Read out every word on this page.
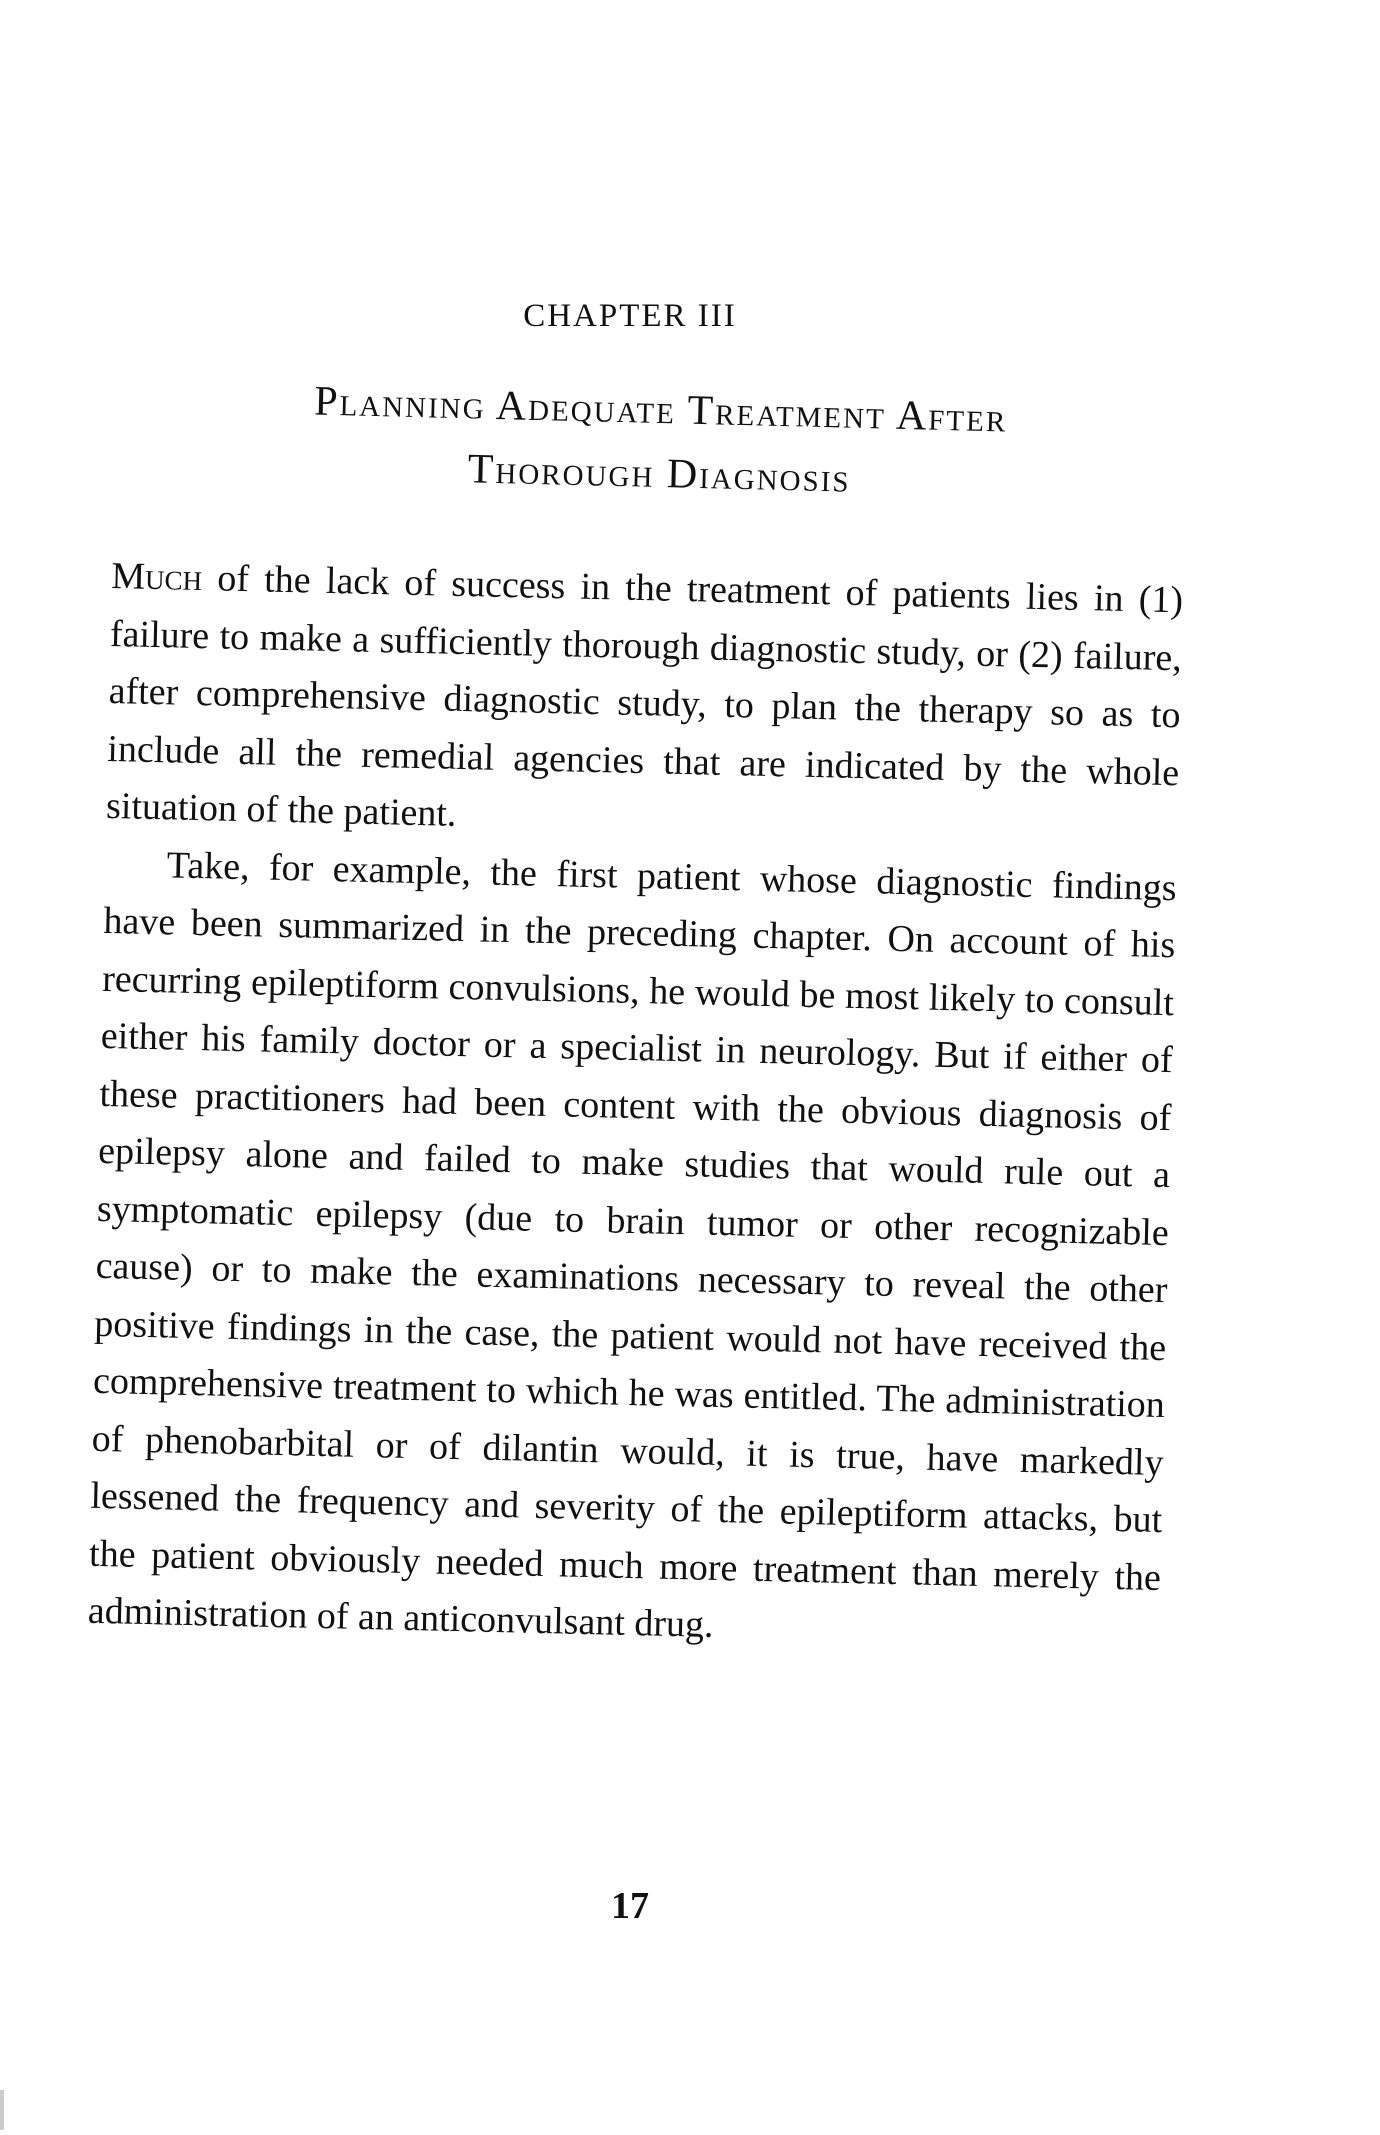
CHAPTER III
Planning Adequate Treatment After
Thorough Diagnosis

Much of the lack of success in the treatment of patients lies in (1) failure to make a sufficiently thorough diagnostic study, or (2) failure, after comprehensive diagnostic study, to plan the therapy so as to include all the remedial agencies that are indicated by the whole situation of the patient.

Take, for example, the first patient whose diagnostic findings have been summarized in the preceding chapter. On account of his recurring epileptiform convulsions, he would be most likely to consult either his family doctor or a specialist in neurology. But if either of these practitioners had been content with the obvious diagnosis of epilepsy alone and failed to make studies that would rule out a symptomatic epilepsy (due to brain tumor or other recognizable cause) or to make the examinations necessary to reveal the other positive findings in the case, the patient would not have received the comprehensive treatment to which he was entitled. The administration of phenobarbital or of dilantin would, it is true, have markedly lessened the frequency and severity of the epileptiform attacks, but the patient obviously needed much more treatment than merely the administration of an anticonvulsant drug.

17
